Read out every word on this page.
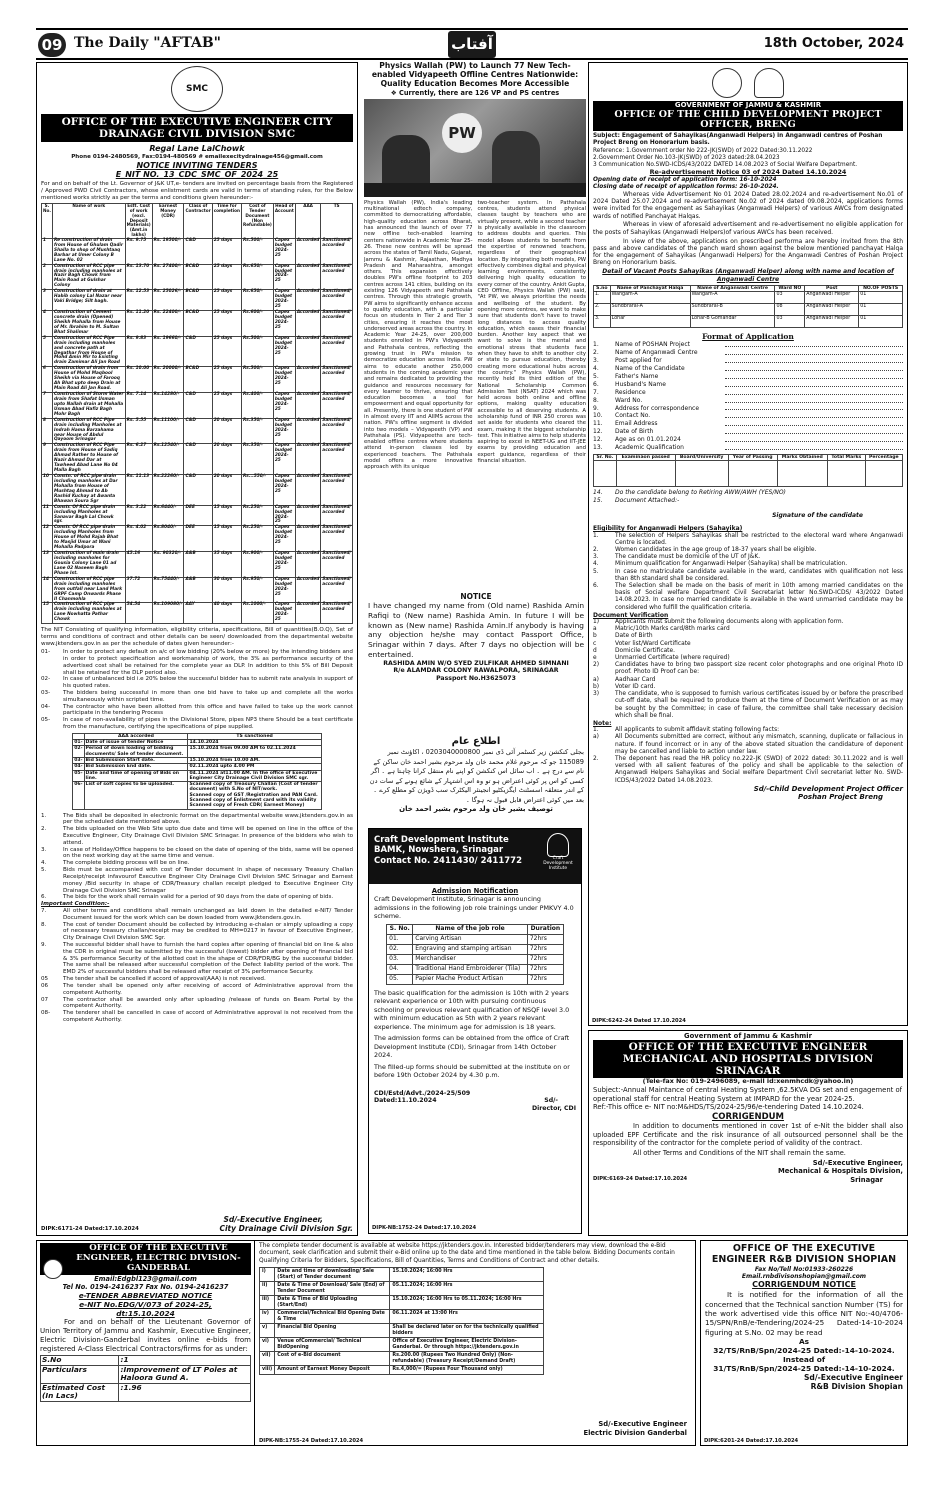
09 The Daily "AFTAB"	آفتاب	18th October, 2024
SMC
OFFICE OF THE EXECUTIVE ENGINEER CITY DRAINAGE CIVIL DIVISION SMC
Regal Lane LalChowk
Phone 0194-2480569, Fax:0194-480569 # emailexecitydrainage456@gmail.com
NOTICE INVITING TENDERS
E_NIT NO._13_CDC_SMC_OF_2024_25
For and on behalf of the Lt. Governor of J&K UT,e- tenders are invited on percentage basis from the Registered / Approved PWD Civil Contractors, whose enlistment cards are valid in terms of standing rules, for the Below mentioned works strictly as per the terms and conditions given hereunder:-
S. No.	Name of work	Estt. Cost of work (excl. Deposit Materials) (Amt.in lakhs)	Earnest Money (CDR)	Class of Contractor	Time for completion	Cost of Tender Document (Non Refundable)	Head of Account	AAA	TS
1	Re construction of drain from House of Ghulam Qadir Shalla to shop of Mushtaaq Barbar at Umer Colony B Lane No. 02	Rs. 9.75	Rs. 19500/-	C&D	25 days	Rs.500/-	Capex budget 2024-25	Accorded	Sanctioned/ accorded
2	Construction of RCC pipe drain including manholes at Nazir Bagh Chowk from Main Road at Gulshar Colony	Rs. 13.70	Rs. 27400/-	BC&D	25 days	Rs.650/-	Capex budget 2024-25	Accorded	Sanctioned/ accorded
3	Construction of drain at Habib colony Lal Nazar near Vaki Bridge; Silt bagh.	Rs. 12.53	Rs. 25026/-	BC&D	25 days	Rs.650/-	Capex budget 2024-25	Accorded	Sanctioned/ accorded
4	Construction of Cement concrete drain (Opened) Sheikh Mohalla from House of Mr. Ibrahim to M. Sultan Bhat Shalimar	Rs. 11.20	Rs. 22400/-	BC&D	25 days	Rs.600/-	Capex budget 2024-25	Accorded	Sanctioned/ accorded
5	Construction of RCC Pipe drain including manholes and concrete path at Degathar from House of Mohd Amin Mir to Existing drain Zamimar Ali Jan Road	Rs. 9.83	Rs. 19660/-	C&D	25 days	Rs.500/-	Capex budget 2024-25	Accorded	Sanctioned/ accorded
6	Construction of drain from House of Mohd Maqbool Sheikh via House of Farooq Ah Bhat upto deep Drain at Main Road Ali Jan Road.	Rs. 10.00	Rs. 20000/-	BC&D	25 days	Rs.500/-	Capex budget 2024-25	Accorded	Sanctioned/ accorded
7	Construction of Storm Water drain from Shafat Usman upto Nallah drain at Mohalla Usman Abad Hafiz Bagh Mohr Bagh	Rs. 7.14	Rs.14280/-	C&D	25 days	Rs.400/-	Capex budget 2024-25	Accorded	Sanctioned/ accorded
8	Construction of RCC Pipe drain including Manholes at Indrah Hama Barzahama near House of Abdul Qayoom Srinagar	Rs. 5.55	Rs.11100/-	C&D	20 days	Rs.350/-	Capex budget 2024-25	Accorded	Sanctioned/ accorded
9	Construction of RCC Pipe drain from House of Sadiq Ahmad Rather to House of Nazir Ahmad Dar at Tawheed Abad Lane No 04 Malla Bagh	Rs. 6.27	Rs.12540/-	C&D	20 days	Rs.350/-	Capex budget 2024-25	Accorded	Sanctioned/ accorded
10	Constn. of RCC pipe drain including manholes at Dar Mohalla from House of Mushtaq Ahmad to Ab Rashid Kuchay at Awanta Bhawan Soura Sgr	Rs. 11.13	Rs.22260/-	C&D	20 days	Rs...550/-	Capex budget 2024-25	Accorded	Sanctioned/ accorded
11	Constr. Of RCC pipe drain including Manholes at Sanavar Bagh Lal Chowk sgr.	Rs. 3.22	Rs.6440/-	DEE	15 days	Rs.250/-	Capex budget 2024-25	Accorded	Sanctioned/ accorded
12	Constr. Of RCC pipe drain including Manholes from House of Mohd Rajab Bhat to Masjid Umar at Wani Mohalla Padpora	Rs. 4.02	Rs.8040/-	DEE	15 days	Rs.250/-	Capex budget 2024-25	Accorded	Sanctioned/ accorded
13	Construction of main drain including manholes for Gousia Colony Lane 01 ad Lane 02 Naseem Bagh Phase Ist.	45.16	Rs. 90320/-	A&B	35 days	Rs.900/-	Capex budget 2024-25	Accorded	Sanctioned/ accorded
14	Construction of RCC pipe drain including manholes from outfall near Land Mark GRPF Camp Onwards Phase II Chanmohla	37.72	Rs.75440/-	A&B	30 days	Rs.950/-	Capex budget 2024-25	Accorded	Sanctioned/ accorded
15	Construction of RCC pipe drain including manholes at Lane Nowhatta Pathar Chowk	54.54	Rs.109080/-	AAY	40 days	Rs.1000/-	Capex budget 2024-25	Accorded	Sanctioned/ accorded
The NIT Consisting of qualifying information, eligibility criteria, specifications, Bill of quantities(B.O.Q), Set of terms and conditions of contract and other details can be seen/ downloaded from the departmental website www.jktenders.gov.in as per the schedule of dates given hereunder:-
01-	In order to protect any default on a/c of low bidding (20% below or more) by the intending bidders and in order to protect specification and workmanship of work, the 3% as performance security of the advertised cost shall be retained for the complete year as DLP. In addition to this 5% of Bill Deposit shall be retained for the DLP period also.
02-	In case of unbalanced bid i.e 20% below the successful bidder has to submit rate analysis in support of his quoted rates.
03-	The bidders being successful in more than one bid have to take up and complete all the works simultaneously within scripted time.
04-	The contractor who have been allotted from this office and have failed to take up the work cannot participate in the tendering Process
05-	In case of non-availability of pipes in the Divisional Store, pipes NP3 there Should be a test certificate from the manufacture, certifying the specifications of pipe supplied.
	AAA accorded	TS sanctioned
01-	Date of issue of tender Notice	14.10.2024
02-	Period of down loading of bidding documents/ Sale of tender document.	15.10.2024 from 09.00 AM to 02.11.2024
03-	Bid Submission Start date.	15.10.2024 from 10.00 AM.
04-	Bid Submission End date.	02.11.2024 upto 4.00 PM
05-	Date and time of opening of Bids on line.	04.11.2024 at11.00 AM. In the office of Executive Engineer City Drainage Civil Division SMC sgr.
06-	List of soft copies to be uploaded.	Scanned copy of Treasury Challan (Cost of tender document) with S.No of NIT/work.
Scanned copy of GST /Registration and PAN Card.
Scanned copy of Enlistment card with its validity
Scanned copy of Fresh CDR( Earnest Money)
1.	The Bids shall be deposited in electronic format on the departmental website www.jktenders.gov.in as per the scheduled date mentioned above.
2.	The bids uploaded on the Web Site upto due date and time will be opened on line in the office of the Executive Engineer, City Drainage Civil Division SMC Srinagar. In presence of the bidders who wish to attend.
3.	In case of Holiday/Office happens to be closed on the date of opening of the bids, same will be opened on the next working day at the same time and venue.
4.	The complete bidding process will be on line.
5.	Bids must be accompanied with cost of Tender document in shape of necessary Treasury Challan Receipt/receipt infavourof Executive Engineer City Drainage Civil Division SMC Srinagar and Earnest money /Bid security in shape of CDR/Treasury challan receipt pledged to Executive Engineer City Drainage Civil Division SMC Srinagar
6.	The bids for the work shall remain valid for a period of 90 days from the date of opening of bids.
Important Condition:-
7.	All other terms and conditions shall remain unchanged as laid down in the detailed e-NIT/ Tender Document issued for the work which can be down loaded from www.jktenders.gov.in.
8.	The cost of tender Document should be collected by introducing e-chalan or simply uploading a copy of necessary treasury challan/receipt may be credited to MH=0217 in favour of Executive Engineer, City Drainage Civil Division SMC Sgr.
9.	The successful bidder shall have to furnish the hard copies after opening of financial bid on line & also the CDR in original must be submitted by the successful (lowest) bidder after opening of financial bid & 3% performance Security of the allotted cost in the shape of CDR/FDR/BG by the successful bidder. The same shall be released after successful completion of the Defect liability period of the work. The EMD 2% of successful bidders shall be released after receipt of 3% performance Security.
05	The tender shall be cancelled if accord of approval(AAA) is not received.
06	The tender shall be opened only after receiving of accord of Administrative approval from the competent Authority.
07	The contractor shall be awarded only after uploading /release of funds on Beam Portal by the competent Authority.
08-	The tenderer shall be cancelled in case of accord of Administrative approval is not received from the competent Authority.
Sd/-Executive Engineer,
DIPK:6171-24 Dated:17.10.2024	City Drainage Civil Division Sgr.
Physics Wallah (PW) to Launch 77 New Tech-enabled Vidyapeeth Offline Centres Nationwide: Quality Education Becomes More Accessible
❖ Currently, there are 126 VP and PS centres
PW
Physics Wallah (PW), India's leading multinational edtech company, committed to democratizing affordable, high-quality education across Bharat, has announced the launch of over 77 new offline tech-enabled learning centers nationwide in Academic Year 25-26. These new centres will be spread across the states of Tamil Nadu, Gujarat, Jammu & Kashmir, Rajasthan, Madhya Pradesh and Maharashtra, amongst others. This expansion effectively doubles PW's offline footprint to 203 centres across 141 cities, building on its existing 126 Vidyapeeth and Pathshala centres. Through this strategic growth, PW aims to significantly enhance access to quality education, with a particular focus on students in Tier 2 and Tier 3 cities, ensuring it reaches the most underserved areas across the country. In Academic Year 24-25, over 200,000 students enrolled in PW's Vidyapeeth and Pathshala centres, reflecting the growing trust in PW's mission to democratize education across India. PW aims to educate another 250,000 students in the coming academic year and remains dedicated to providing the guidance and resources necessary for every learner to thrive, ensuring that education becomes a tool for empowerment and equal opportunity for all. Presently, there is one student of PW in almost every IIT and AIIMS across the nation. PW's offline segment is divided into two models – Vidyapeeth (VP) and Pathshala (PS). Vidyapeeths are tech-enabled offline centres where students attend in-person classes led by experienced teachers. The Pathshala model offers a more innovative approach with its unique
two-teacher system. In Pathshala centres, students attend physical classes taught by teachers who are virtually present, while a second teacher is physically available in the classroom to address doubts and queries. This model allows students to benefit from the expertise of renowned teachers, regardless of their geographical location. By integrating both models, PW effectively combines digital and physical learning environments, consistently delivering high quality education to every corner of the country. Ankit Gupta, CEO Offline, Physics Wallah (PW) said, "At PW, we always prioritise the needs and wellbeing of the student. By opening more centres, we want to make sure that students don't have to travel long distances to access quality education, which eases their financial burden. Another key aspect that we want to solve is the mental and emotional stress that students face when they have to shift to another city or state to pursue education, thereby creating more educational hubs across the country." Physics Wallah (PW), recently held its third edition of the National Scholarship Common Admission Test (NSAT) 2024 which was held across both online and offline options, making quality education accessible to all deserving students. A scholarship fund of INR 250 crores was set aside for students who cleared the exam, making it the biggest scholarship test. This initiative aims to help students aspiring to excel in NEET-UG and IIT-JEE exams by providing education and expert guidance, regardless of their financial situation.
NOTICE
I have changed my name from (Old name) Rashida Amin Rafiqi to (New name) Rashida Amin. In future I will be known as (New name) Rashida Amin.If anybody is having any objection he/she may contact Passport Office, Srinagar within 7 days. After 7 days no objection will be entertained.
RASHIDA AMIN W/O SYED ZULFIKAR AHMED SIMNANI
R/e ALAMDAR COLONY RAWALPORA, SRINAGAR
Passport No.H3625073
اطلاع عام
بجلی کنکشن زیر کسٹمر آئی ڈی نمبر 0203040000800 ، اکاؤنٹ نمبر 115089 جو کہ مرحوم غلام محمد خان ولد مرحوم بشیر احمد خان ساکن کے نام سے درج ہے ۔ اب سائل اس کنکشن کو اپنے نام منتقل کرانا چاہتا ہے ۔ اگر کسی کو اس پر کوئی اعتراض ہو تو وہ اس اشتہار کے شائع ہونے کے سات دن کے اندر متعلقہ اسسٹنٹ ایگزیکٹیو انجینئر الیکٹرک سب ڈویژن کو مطلع کرے ۔ بعد میں کوئی اعتراض قابل قبول نہ ہوگا ۔
توصیف بشیر خان ولد مرحوم بشیر احمد خان
Craft Development Institute
BAMK, Nowshera, Srinagar
Contact No. 2411430/ 2411772	Craft Development Institute
Admission Notification
Craft Development Institute, Srinagar is announcing admissions in the following job role trainings under PMKVY 4.0 scheme.
S. No.	Name of the job role	Duration
01.	Carving Artisan	72hrs
02.	Engraving and stamping artisan	72hrs
03.	Merchandiser	72hrs
04.	Traditional Hand Embroiderer (Tila)	72hrs
05.	Papier Mache Product Artisan	72hrs
The basic qualification for the admission is 10th with 2 years relevant experience or 10th with pursuing continuous schooling or previous relevant qualification of NSQF level 3.0 with minimum education as 5th with 2 years relevant experience. The minimum age for admission is 18 years.
The admission forms can be obtained from the office of Craft Development Institute (CDI), Srinagar from 14th October 2024.
The filled-up forms should be submitted at the institute on or before 19th October 2024 by 4.30 p.m.
CDI/Estd/Advt./2024-25/509
Dated:11.10.2024	Sd/-
Director, CDI
DIPK-NB:1752-24 Dated:17.10.2024
GOVERNMENT OF JAMMU & KASHMIR
OFFICE OF THE CHILD DEVELOPMENT PROJECT OFFICER, BRENG
Subject: Engagement of Sahayikas(Anganwadi Helpers) in Anganwadi centres of Poshan Project Breng on Honorarium basis.
Reference: 1.Government order No 222-JK(SWD) of 2022 Dated:30.11.2022
2.Government Order No.103-JK(SWD) of 2023 dated:28.04.2023
3 Communication No.SWD-ICDS/43/2022 DATED 14.08.2023 of Social Welfare Department.
Re-advertisement Notice 03 of 2024 Dated 14.10.2024
Opening date of receipt of application form: 16-10-2024
Closing date of receipt of application forms: 26-10-2024.
Whereas vide Advertisement No 01 2024 Dated 28.02.2024 and re-advertisement No.01 of 2024 Dated 25.07.2024 and re-advertisement No.02 of 2024 dated 09.08.2024, applications forms were invited for the engagement as Sahayikas (Anganwadi Helpers) of various AWCs from designated wards of notified Panchayat Halqas.
Whereas in view of aforesaid advertisement and re-advertisement no eligible application for the posts of Sahayikas (Anganwadi Helpers)of various AWCs has been received.
In view of the above, applications on prescribed performa are hereby invited from the 8th pass and above candidates of the panch ward shown against the below mentioned panchayat Halqa for the engagement of Sahayikas (Anganwadi Helpers) for the Anganwadi Centres of Poshan Project Breng on Honorarium basis.
Detail of Vacant Posts Sahayikas (Anganwadi Helper) along with name and location of Anganwadi Centre
S.no	Name of Panchayat Halqa	Name of Anganwadi Centre	Ward NO	Post	NO.OF POSTS
1.	Wangam-A	Wangam-A	03	Anganwadi Helper	01
2.	Sundbrarai-A	Sundbrarai-B	08	Anganwadi Helper	01
3.	Lohar	Lohar-B Gomandar	03	Anganwadi Helper	01
Format of Application
1.	Name of POSHAN Project
2.	Name of Anganwadi Centre
3.	Post applied for
4.	Name of the Candidate
5.	Father's Name
6.	Husband's Name
7.	Residence
8.	Ward No.
9.	Address for correspondence
10.	Contact No.
11.	Email Address
12.	Date of Birth
12.	Age as on 01.01.2024
13.	Academic Qualification
Sr. No.	Examinaon passed	Board/University	Year of Passing	Marks Obtained	Total Marks	Percentage

14.	Do the candidate belong to Retiring AWW/AWH (YES/NO)
15.	Document Attached:-
Signature of the candidate
Eligibility for Anganwadi Helpers (Sahayika)
1.	The selection of Helpers Sahayikas shall be restricted to the electoral ward where Anganwadi Centre is located.
2.	Women candidates in the age group of 18-37 years shall be eligible.
3.	The candidate must be domicile of the UT of J&K.
4.	Minimum qualification for Anganwadi Helper (Sahayika) shall be matriculation.
5.	In case no matriculate candidate available in the ward, candidates with qualification not less than 8th standard shall be considered.
6.	The Selection shall be made on the basis of merit in 10th among married candidates on the basis of Social welfare Department Civil Secretariat letter No.SWD-ICDS/ 43/2022 Dated 14.08.2023. In case no married candidate is available in the ward unmarried candidate may be considered who fulfill the qualification criteria.
Document Verification
1)	Applicants must submit the following documents along with application form.
a	Matric/10th Marks card/8th marks card
b	Date of Birth
c	Voter list/Ward Certificate
d	Domicile Certificate.
e	Unmarried Certificate (where required)
2)	Candidates have to bring two passport size recent color photographs and one original Photo ID proof. Photo ID Proof can be:
a)	Aadhaar Card
b)	Voter ID card.
3)	The candidate, who is supposed to furnish various certificates issued by or before the prescribed cut-off date, shall be required to produce them at the time of Document Verification or as may be sought by the Committee; in case of failure, the committee shall take necessary decision which shall be final.
Note:
1.	All applicants to submit affidavit stating following facts:
a)	All Documents submitted are correct, without any mismatch, scanning, duplicate or fallacious in nature. If found incorrect or in any of the above stated situation the candidature of deponent may be cancelled and liable to action under law.
2.	The deponent has read the HR policy no.222-JK (SWD) of 2022 dated: 30.11.2022 and is well versed with all salient features of the policy and shall be applicable to the selection of Anganwadi Helpers Sahayikas and Social welfare Department Civil secretariat letter No. SWD-ICDS/43/2022 Dated 14.08.2023.
Sd/-Child Development Project Officer
Poshan Project Breng
DIPK:6242-24 Dated 17.10.2024
Government of Jammu & Kashmir
OFFICE OF THE EXECUTIVE ENGINEER MECHANICAL AND HOSPITALS DIVISION SRINAGAR
(Tele-fax No: 019-2496089, e-mail id:xenmhcdk@yahoo.in)
Subject:-Annual Maintance of central Heating System ,62.5KVA DG set and engagement of operational staff for central Heating System at IMPARD for the year 2024-25.
Ref:-This office e- NIT no:M&HDS/TS/2024-25/96/e-tendering Dated 14.10.2024.
CORRIGENDUM
In addition to documents mentioned in cover 1st of e-Nit the bidder shall also uploaded EPF Certificate and the risk insurance of all outsourced personnel shall be the responsibility of the contractor for the complete period of validity of the contract.
All other Terms and Conditions of the NIT shall remain the same.
Sd/-Executive Engineer,
Mechanical & Hospitals Division,
DIPK:6169-24 Dated:17.10.2024	Srinagar
OFFICE OF THE EXECUTIVE ENGINEER, ELECTRIC DIVISION-GANDERBAL
Email:Edgbl123@gmail.com
Tel No. 0194-2416237 Fax No. 0194-2416237
e-TENDER ABBREVIATED NOTICE
e-NIT No.EDG/V/073 of 2024-25,
dt:15.10.2024
For and on behalf of the Lieutenant Governor of Union Territory of Jammu and Kashmir, Executive Engineer, Electric Division-Ganderbal invites online e-bids from registered A-Class Electrical Contractors/firms for as under:
S.No	:1
Particulars	:Improvement of LT Poles at Haloora Gund A.
Estimated Cost (In Lacs)	:1.96
The complete tender document is available at website https://jktenders.gov.in. Interested bidder/tenderers may view, download the e-Bid document, seek clarification and submit their e-Bid online up to the date and time mentioned in the table below. Bidding Documents contain Qualifying Criteria for Bidders, Specifications, Bill of Quantities, Terms and Conditions of Contract and other details.
i)	Date and time of downloading/ Sale (Start) of Tender document	15.10.2024; 16:00 Hrs
ii)	Date & Time of Download/ Sale (End) of Tender Document	05.11.2024; 16:00 Hrs
iii)	Date & Time of Bid Uploading (Start/End)	15.10.2024; 16:00 Hrs to 05.11.2024; 16:00 Hrs
iv)	Commercial/Technical Bid Opening Date & Time	06.11.2024 at 13:00 Hrs
v)	Financial Bid Opening	Shall be declared later on for the technically qualified bidders
vi)	Venue ofCommercial/ Technical BidOpening	Office of Executive Engineer, Electric Division-Ganderbal. Or through https://jktenders.gov.in
vii)	Cost of e-Bid document	Rs.200.00 (Rupees Two Hundred Only) (Non-refundable) (Treasury Receipt/Demand Draft)
viii)	Amount of Earnest Money Deposit	Rs.4,000/= (Rupees Four Thousand only)
Sd/-Executive Engineer
Electric Division Ganderbal
DIPK-NB:1755-24 Dated:17.10.2024
OFFICE OF THE EXECUTIVE ENGINEER R&B DIVISION SHOPIAN
Fax No/Tell No:01933-260226
Email.rnbdivisonshopian@gmail.com
CORRIGENDUM NOTICE
It is notified for the information of all the concerned that the Technical sanction Number (TS) for the work advertised vide this office NIT No:-40/4706-15/SPN/RnB/e-Tendering/2024-25 Dated-14-10-2024 figuring at S.No. 02 may be read
As
32/TS/RnB/Spn/2024-25 Dated:-14-10-2024.
Instead of
31/TS/RnB/Spn/2024-25 Dated:-14-10-2024.
Sd/-Executive Engineer
R&B Division Shopian
DIPK:6201-24 Dated:17.10.2024
